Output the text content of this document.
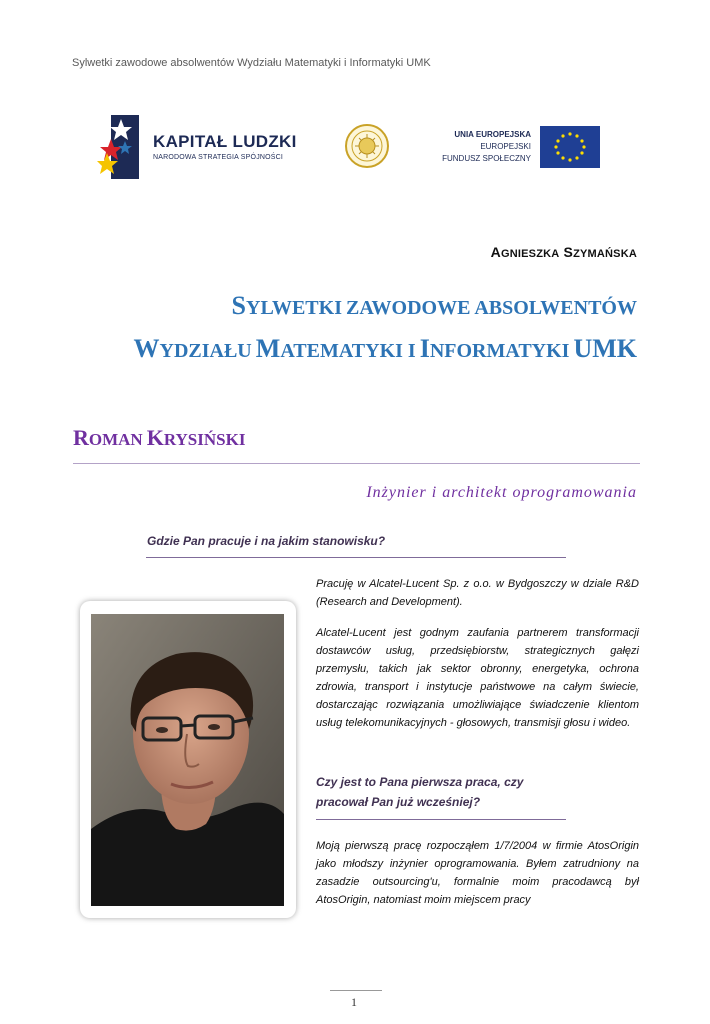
Sylwetki zawodowe absolwentów Wydziału Matematyki i Informatyki UMK
KAPITAŁ LUDZKI
NARODOWA STRATEGIA SPÓJNOŚCI
UNIA EUROPEJSKA
EUROPEJSKI
FUNDUSZ SPOŁECZNY
AGNIESZKA SZYMAŃSKA
SYLWETKI ZAWODOWE ABSOLWENTÓW
WYDZIAŁU MATEMATYKI I INFORMATYKI UMK
ROMAN KRYSIŃSKI
Inżynier i architekt oprogramowania
Gdzie Pan pracuje i na jakim stanowisku?
Pracuję w Alcatel-Lucent Sp. z o.o. w Bydgoszczy w dziale R&D (Research and Development).
Alcatel-Lucent jest godnym zaufania partnerem transformacji dostawców usług, przedsiębiorstw, strategicznych gałęzi przemysłu, takich jak sektor obronny, energetyka, ochrona zdrowia, transport i instytucje państwowe na całym świecie, dostarczając rozwiązania umożliwiające świadczenie klientom usług telekomunikacyjnych - głosowych, transmisji głosu i wideo.
Czy jest to Pana pierwsza praca, czy
pracował Pan już wcześniej?
Moją pierwszą pracę rozpocząłem 1/7/2004 w firmie AtosOrigin jako młodszy inżynier oprogramowania. Byłem zatrudniony na zasadzie outsourcing'u, formalnie moim pracodawcą był AtosOrigin, natomiast moim miejscem pracy
1
